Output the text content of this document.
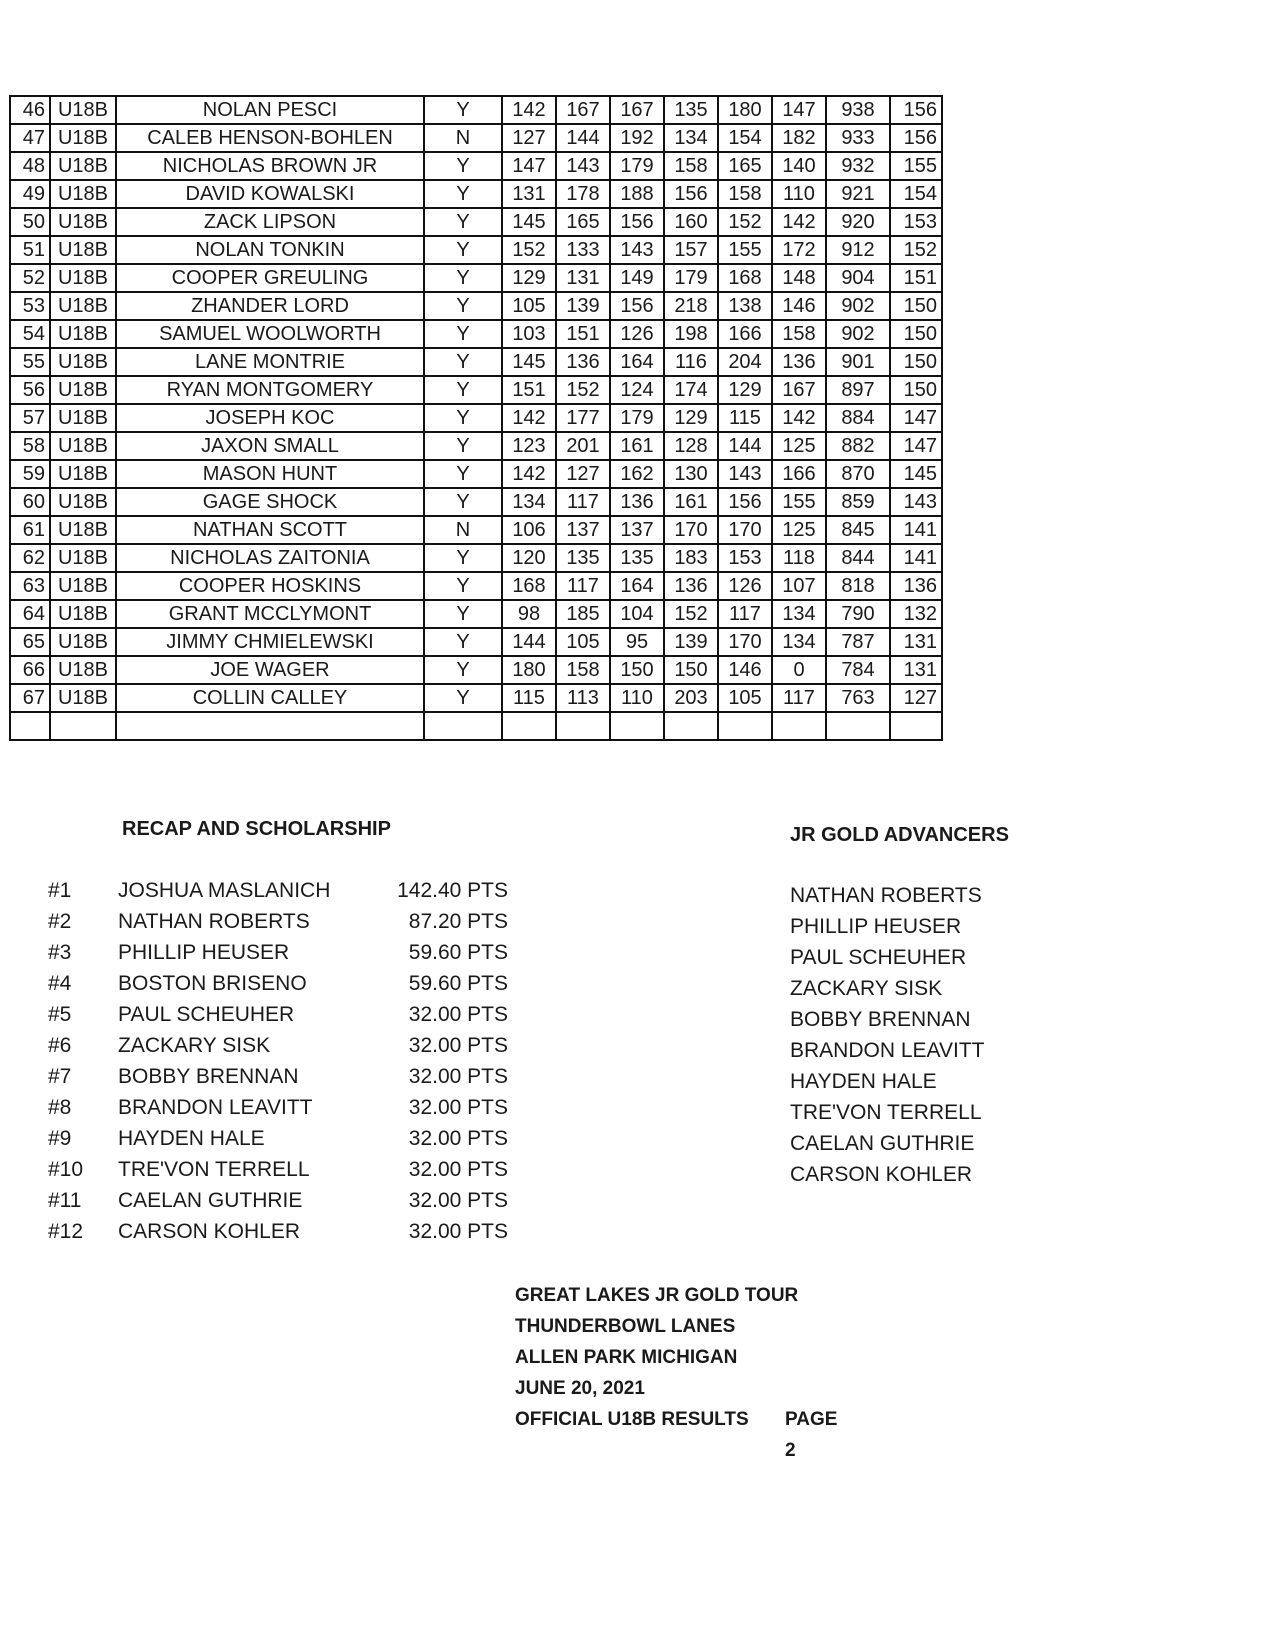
46	U18B	NOLAN PESCI	Y	142	167	167	135	180	147	938	156
47	U18B	CALEB HENSON-BOHLEN	N	127	144	192	134	154	182	933	156
48	U18B	NICHOLAS BROWN JR	Y	147	143	179	158	165	140	932	155
49	U18B	DAVID KOWALSKI	Y	131	178	188	156	158	110	921	154
50	U18B	ZACK LIPSON	Y	145	165	156	160	152	142	920	153
51	U18B	NOLAN TONKIN	Y	152	133	143	157	155	172	912	152
52	U18B	COOPER GREULING	Y	129	131	149	179	168	148	904	151
53	U18B	ZHANDER LORD	Y	105	139	156	218	138	146	902	150
54	U18B	SAMUEL WOOLWORTH	Y	103	151	126	198	166	158	902	150
55	U18B	LANE MONTRIE	Y	145	136	164	116	204	136	901	150
56	U18B	RYAN MONTGOMERY	Y	151	152	124	174	129	167	897	150
57	U18B	JOSEPH KOC	Y	142	177	179	129	115	142	884	147
58	U18B	JAXON SMALL	Y	123	201	161	128	144	125	882	147
59	U18B	MASON HUNT	Y	142	127	162	130	143	166	870	145
60	U18B	GAGE SHOCK	Y	134	117	136	161	156	155	859	143
61	U18B	NATHAN SCOTT	N	106	137	137	170	170	125	845	141
62	U18B	NICHOLAS ZAITONIA	Y	120	135	135	183	153	118	844	141
63	U18B	COOPER HOSKINS	Y	168	117	164	136	126	107	818	136
64	U18B	GRANT MCCLYMONT	Y	98	185	104	152	117	134	790	132
65	U18B	JIMMY CHMIELEWSKI	Y	144	105	95	139	170	134	787	131
66	U18B	JOE WAGER	Y	180	158	150	150	146	0	784	131
67	U18B	COLLIN CALLEY	Y	115	113	110	203	105	117	763	127

RECAP AND SCHOLARSHIP
#1 JOSHUA MASLANICH	142.40 PTS
#2 NATHAN ROBERTS	87.20 PTS
#3 PHILLIP HEUSER	59.60 PTS
#4 BOSTON BRISENO	59.60 PTS
#5 PAUL SCHEUHER	32.00 PTS
#6 ZACKARY SISK	32.00 PTS
#7 BOBBY BRENNAN	32.00 PTS
#8 BRANDON LEAVITT	32.00 PTS
#9 HAYDEN HALE	32.00 PTS
#10 TRE'VON TERRELL	32.00 PTS
#11 CAELAN GUTHRIE	32.00 PTS
#12 CARSON KOHLER	32.00 PTS
JR GOLD ADVANCERS
NATHAN ROBERTS
PHILLIP HEUSER
PAUL SCHEUHER
ZACKARY SISK
BOBBY BRENNAN
BRANDON LEAVITT
HAYDEN HALE
TRE'VON TERRELL
CAELAN GUTHRIE
CARSON KOHLER
GREAT LAKES JR GOLD TOUR
THUNDERBOWL LANES
ALLEN PARK MICHIGAN
JUNE 20, 2021
OFFICIAL U18B RESULTS PAGE 2
